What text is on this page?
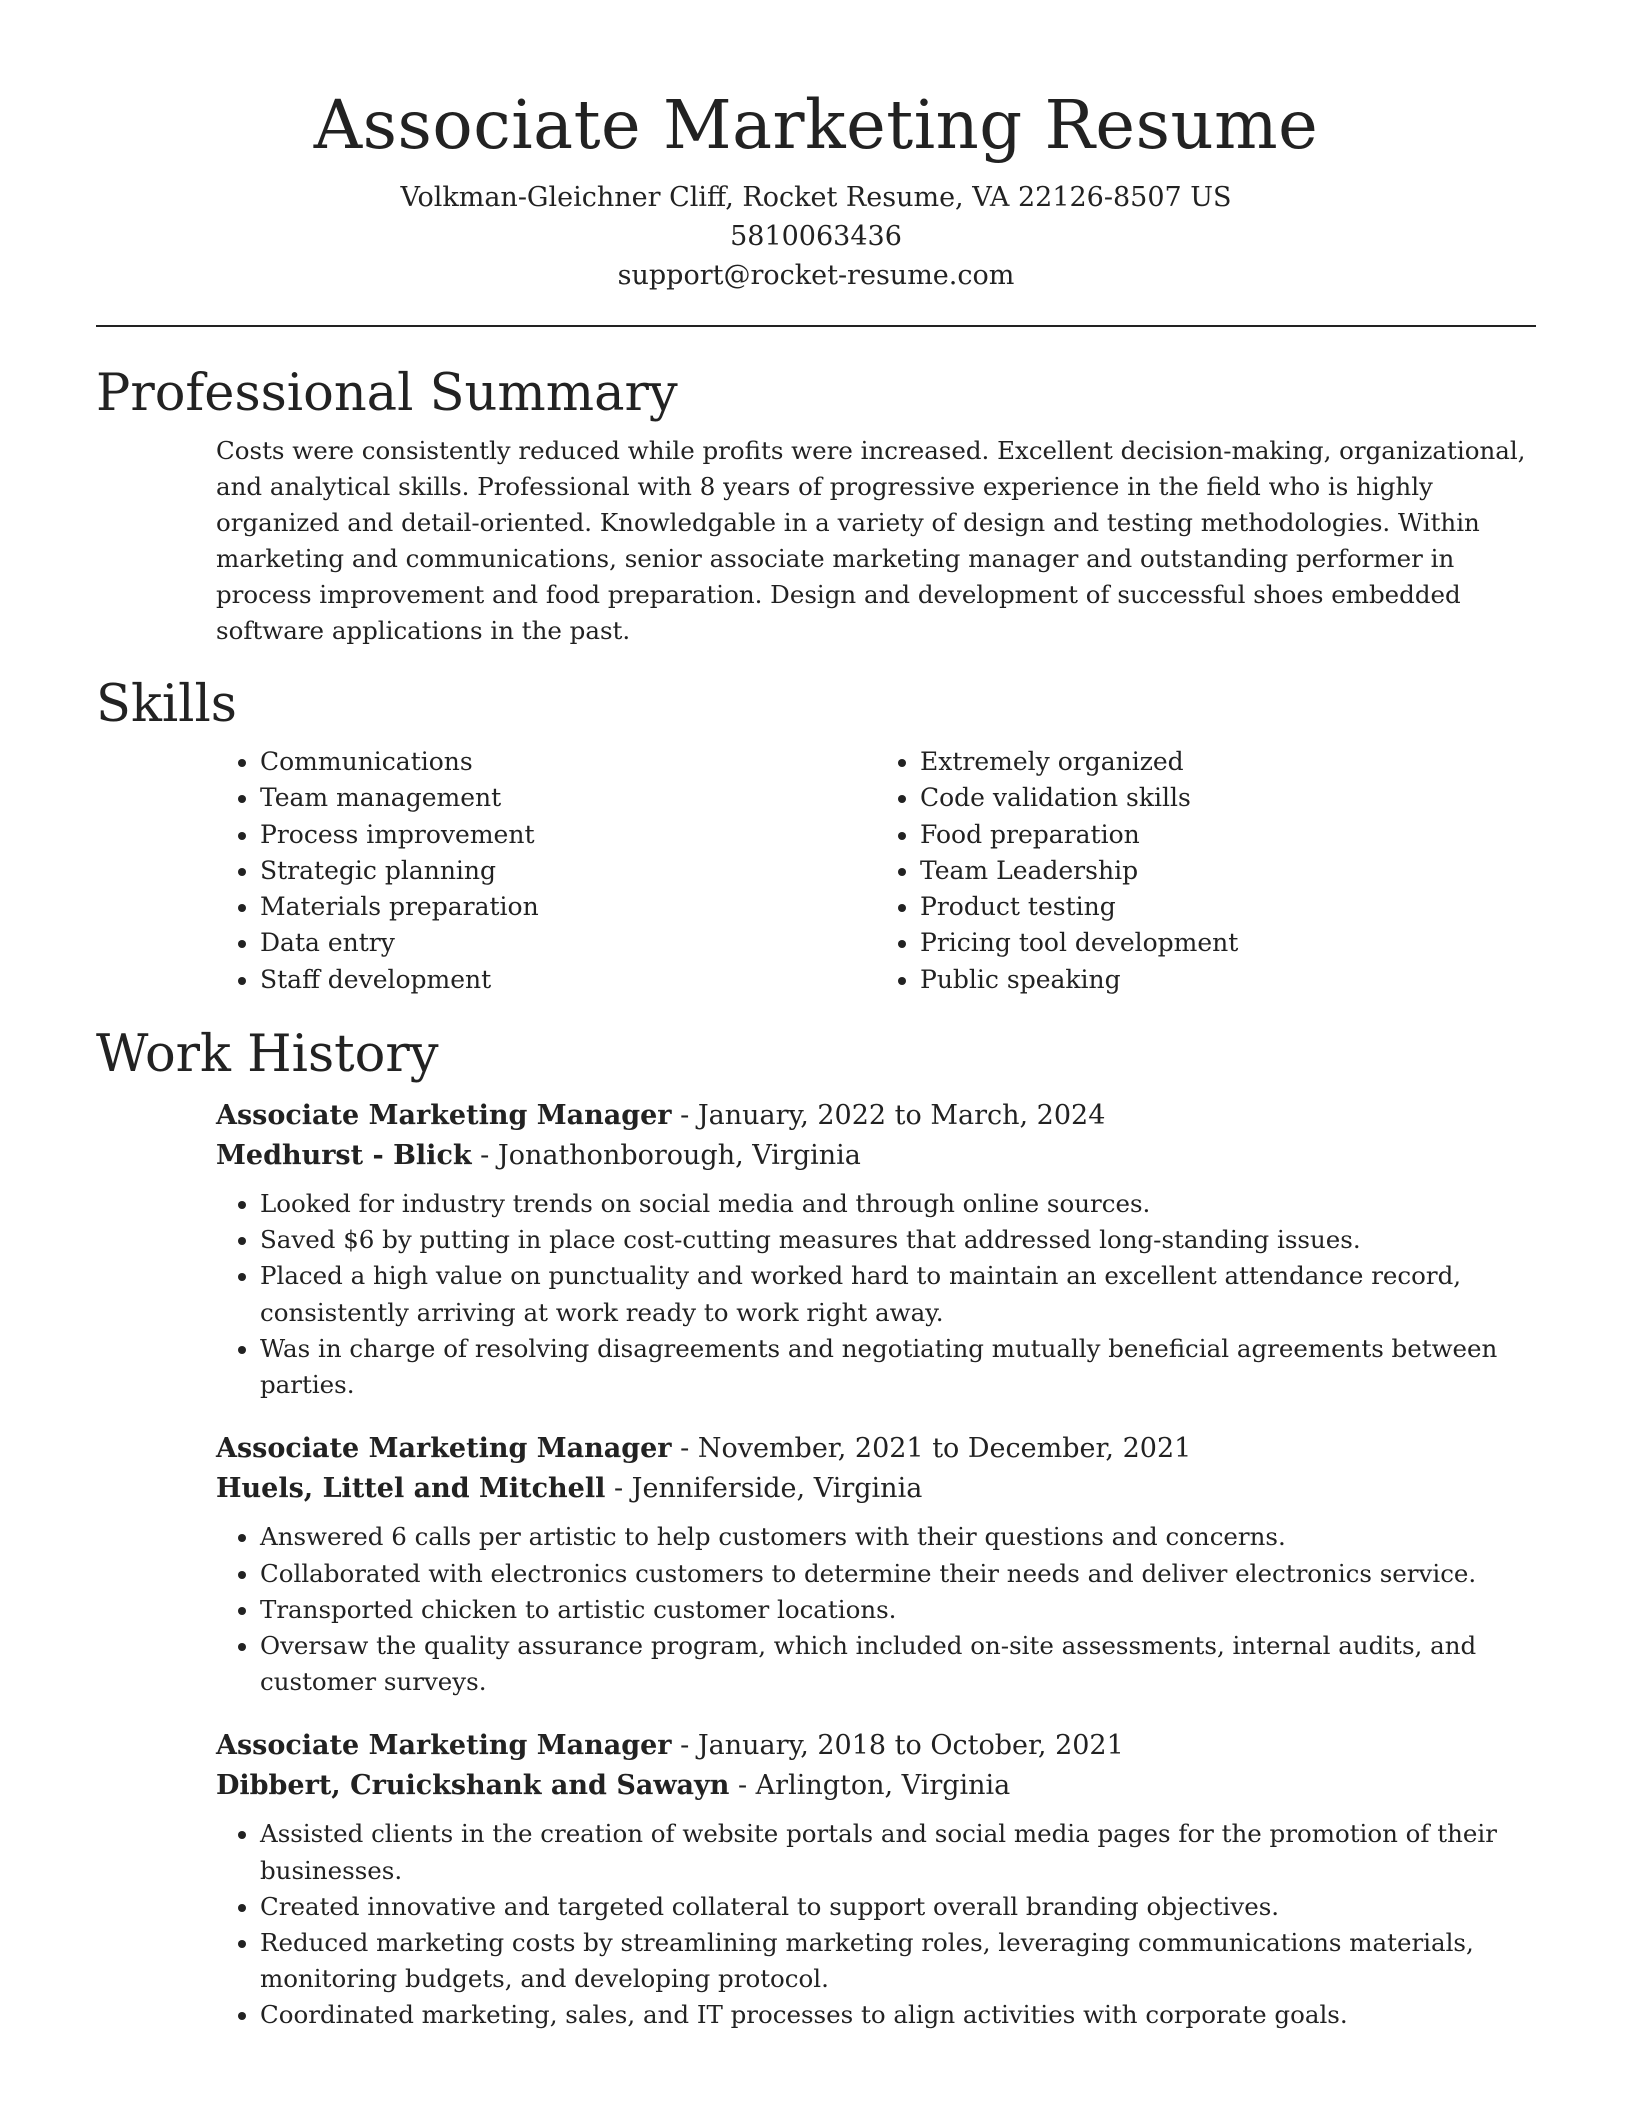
Associate Marketing Resume
Volkman-Gleichner Cliff, Rocket Resume, VA 22126-8507 US
5810063436
support@rocket-resume.com
Professional Summary

Costs were consistently reduced while profits were increased. Excellent decision-making, organizational, and analytical skills. Professional with 8 years of progressive experience in the field who is highly organized and detail-oriented. Knowledgable in a variety of design and testing methodologies. Within marketing and communications, senior associate marketing manager and outstanding performer in process improvement and food preparation. Design and development of successful shoes embedded software applications in the past.

Skills
• Communications
• Team management
• Process improvement
• Strategic planning
• Materials preparation
• Data entry
• Staff development
• Extremely organized
• Code validation skills
• Food preparation
• Team Leadership
• Product testing
• Pricing tool development
• Public speaking
Work History
Associate Marketing Manager - January, 2022 to March, 2024
Medhurst - Blick - Jonathonborough, Virginia
• Looked for industry trends on social media and through online sources.
• Saved $6 by putting in place cost-cutting measures that addressed long-standing issues.
• Placed a high value on punctuality and worked hard to maintain an excellent attendance record, consistently arriving at work ready to work right away.
• Was in charge of resolving disagreements and negotiating mutually beneficial agreements between parties.
Associate Marketing Manager - November, 2021 to December, 2021
Huels, Littel and Mitchell - Jenniferside, Virginia
• Answered 6 calls per artistic to help customers with their questions and concerns.
• Collaborated with electronics customers to determine their needs and deliver electronics service.
• Transported chicken to artistic customer locations.
• Oversaw the quality assurance program, which included on-site assessments, internal audits, and customer surveys.
Associate Marketing Manager - January, 2018 to October, 2021
Dibbert, Cruickshank and Sawayn - Arlington, Virginia
• Assisted clients in the creation of website portals and social media pages for the promotion of their businesses.
• Created innovative and targeted collateral to support overall branding objectives.
• Reduced marketing costs by streamlining marketing roles, leveraging communications materials, monitoring budgets, and developing protocol.
• Coordinated marketing, sales, and IT processes to align activities with corporate goals.
